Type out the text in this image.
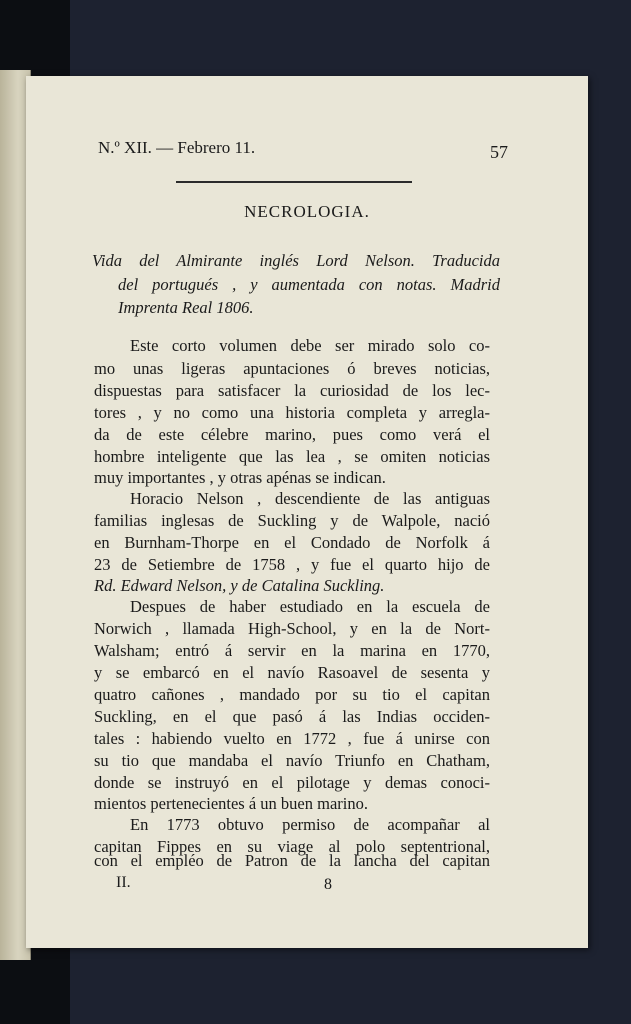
N.º XII. — Febrero 11.	57
NECROLOGIA.
Vida del Almirante inglés Lord Nelson. Traducida
del portugués , y aumentada con notas. Madrid
Imprenta Real 1806.
Este corto volumen debe ser mirado solo co-
mo unas ligeras apuntaciones ó breves noticias,
dispuestas para satisfacer la curiosidad de los lec-
tores , y no como una historia completa y arregla-
da de este célebre marino, pues como verá el
hombre inteligente que las lea , se omiten noticias
muy importantes , y otras apénas se indican.
Horacio Nelson , descendiente de las antiguas
familias inglesas de Suckling y de Walpole, nació
en Burnham-Thorpe en el Condado de Norfolk á
23 de Setiembre de 1758 , y fue el quarto hijo de
Rd. Edward Nelson, y de Catalina Suckling.
Despues de haber estudiado en la escuela de
Norwich , llamada High-School, y en la de Nort-
Walsham; entró á servir en la marina en 1770,
y se embarcó en el navío Rasoavel de sesenta y
quatro cañones , mandado por su tio el capitan
Suckling, en el que pasó á las Indias occiden-
tales : habiendo vuelto en 1772 , fue á unirse con
su tio que mandaba el navío Triunfo en Chatham,
donde se instruyó en el pilotage y demas conoci-
mientos pertenecientes á un buen marino.
En 1773 obtuvo permiso de acompañar al
capitan Fippes en su viage al polo septentrional,
con el empléo de Patron de la lancha del capitan
II.	8
